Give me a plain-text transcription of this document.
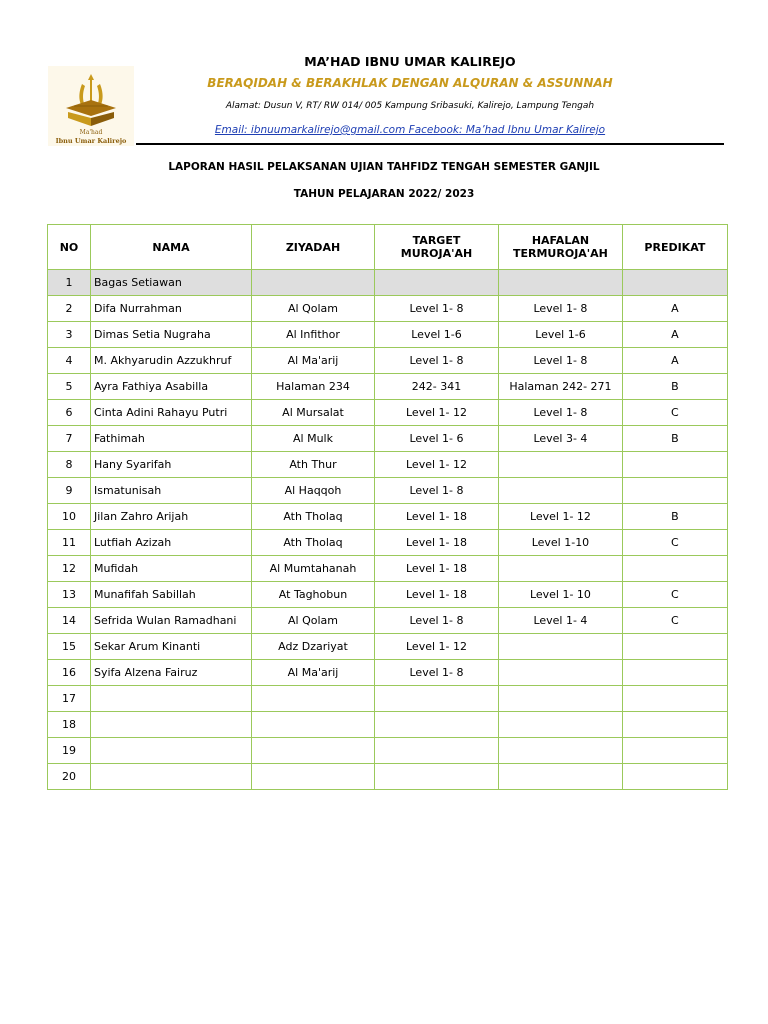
Ma'had
Ibnu Umar Kalirejo
MA’HAD IBNU UMAR KALIREJO
BERAQIDAH & BERAKHLAK DENGAN ALQURAN & ASSUNNAH
Alamat: Dusun V, RT/ RW 014/ 005 Kampung Sribasuki, Kalirejo, Lampung Tengah
Email: ibnuumarkalirejo@gmail.com Facebook: Ma’had Ibnu Umar Kalirejo
LAPORAN HASIL PELAKSANAN UJIAN TAHFIDZ TENGAH SEMESTER GANJIL
TAHUN PELAJARAN 2022/ 2023
NO	NAMA	ZIYADAH	TARGET MUROJA'AH	HAFALAN TERMUROJA'AH	PREDIKAT
1	Bagas Setiawan				
2	Difa Nurrahman	Al Qolam	Level 1- 8	Level 1- 8	A
3	Dimas Setia Nugraha	Al Infithor	Level 1-6	Level 1-6	A
4	M. Akhyarudin Azzukhruf	Al Ma'arij	Level 1- 8	Level 1- 8	A
5	Ayra Fathiya Asabilla	Halaman 234	242- 341	Halaman 242- 271	B
6	Cinta Adini Rahayu Putri	Al Mursalat	Level 1- 12	Level 1- 8	C
7	Fathimah	Al Mulk	Level 1- 6	Level 3- 4	B
8	Hany Syarifah	Ath Thur	Level 1- 12		
9	Ismatunisah	Al Haqqoh	Level 1- 8		
10	Jilan Zahro Arijah	Ath Tholaq	Level 1- 18	Level 1- 12	B
11	Lutfiah Azizah	Ath Tholaq	Level 1- 18	Level 1-10	C
12	Mufidah	Al Mumtahanah	Level 1- 18		
13	Munafifah Sabillah	At Taghobun	Level 1- 18	Level 1- 10	C
14	Sefrida Wulan Ramadhani	Al Qolam	Level 1- 8	Level 1- 4	C
15	Sekar Arum Kinanti	Adz Dzariyat	Level 1- 12		
16	Syifa Alzena Fairuz	Al Ma'arij	Level 1- 8		
17					
18					
19					
20					
